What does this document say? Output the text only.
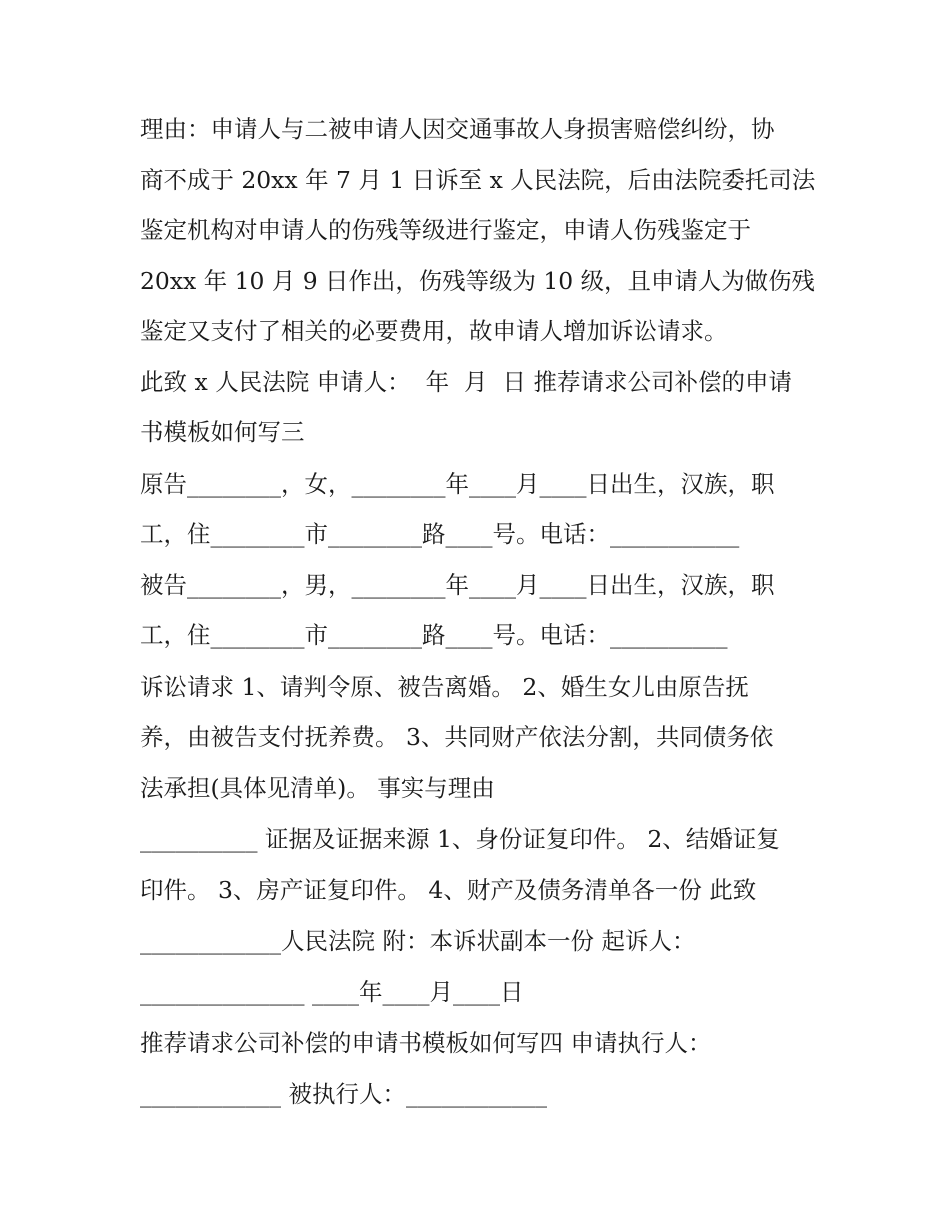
理由：申请人与二被申请人因交通事故人身损害赔偿纠纷，协
商不成于 20xx 年 7 月 1 日诉至 x 人民法院，后由法院委托司法
鉴定机构对申请人的伤残等级进行鉴定，申请人伤残鉴定于
20xx 年 10 月 9 日作出，伤残等级为 10 级，且申请人为做伤残
鉴定又支付了相关的必要费用，故申请人增加诉讼请求。
此致 x 人民法院 申请人：  年  月  日 推荐请求公司补偿的申请
书模板如何写三
原告________，女，________年____月____日出生，汉族，职
工，住________市________路____号。电话：___________
被告________，男，________年____月____日出生，汉族，职
工，住________市________路____号。电话：__________
诉讼请求 1、请判令原、被告离婚。 2、婚生女儿由原告抚
养，由被告支付抚养费。 3、共同财产依法分割，共同债务依
法承担(具体见清单)。 事实与理由
__________ 证据及证据来源 1、身份证复印件。 2、结婚证复
印件。 3、房产证复印件。 4、财产及债务清单各一份 此致
____________人民法院 附：本诉状副本一份 起诉人：
______________ ____年____月____日
推荐请求公司补偿的申请书模板如何写四 申请执行人：
____________ 被执行人：____________
